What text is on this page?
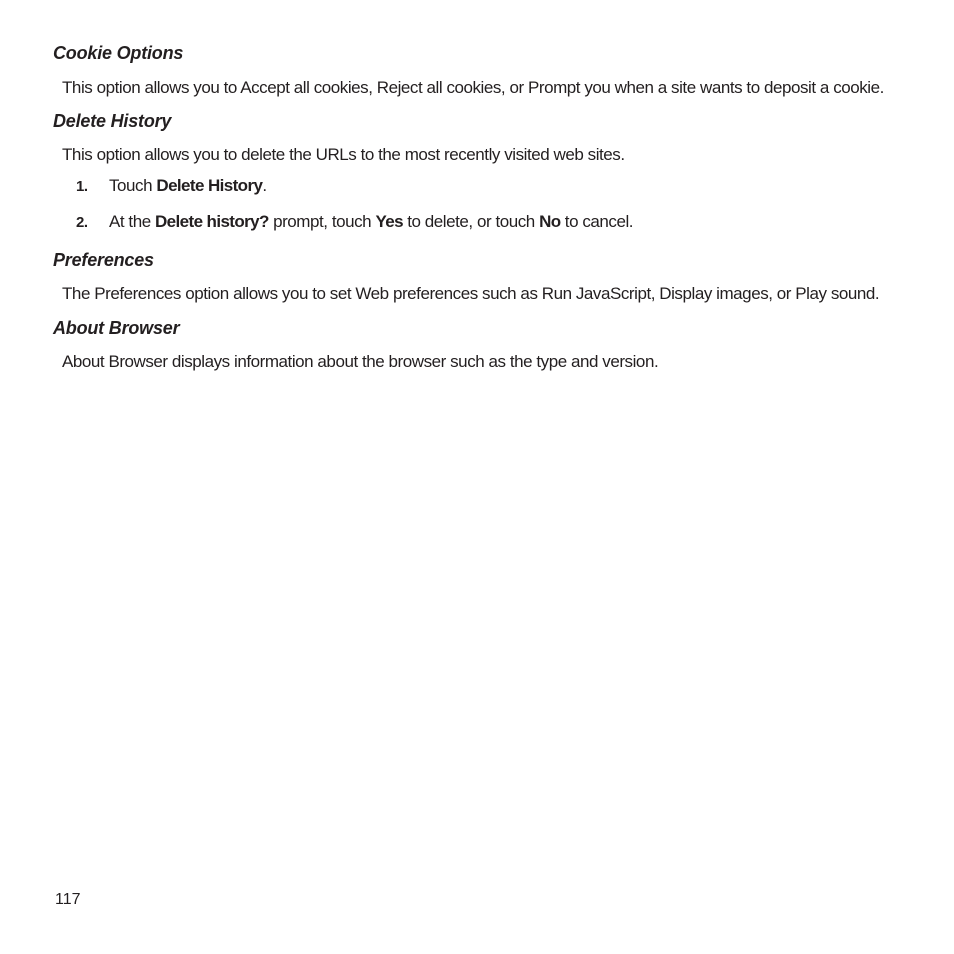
Cookie Options
This option allows you to Accept all cookies, Reject all cookies, or Prompt you when a site wants to deposit a cookie.
Delete History
This option allows you to delete the URLs to the most recently visited web sites.
1. Touch Delete History.
2. At the Delete history? prompt, touch Yes to delete, or touch No to cancel.
Preferences
The Preferences option allows you to set Web preferences such as Run JavaScript, Display images, or Play sound.
About Browser
About Browser displays information about the browser such as the type and version.
117
